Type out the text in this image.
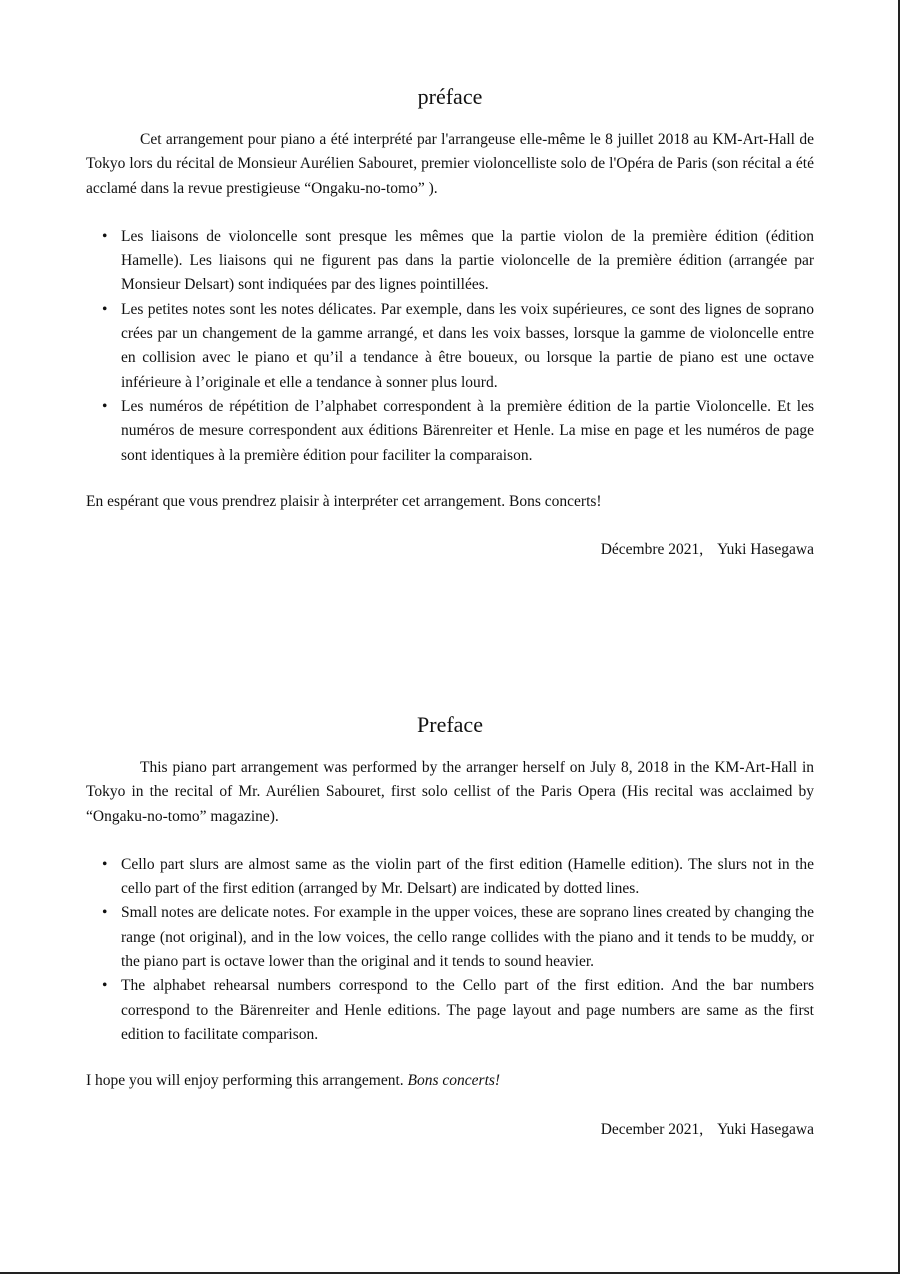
préface

Cet arrangement pour piano a été interprété par l'arrangeuse elle-même le 8 juillet 2018 au KM-Art-Hall de Tokyo lors du récital de Monsieur Aurélien Sabouret, premier violoncelliste solo de l'Opéra de Paris (son récital a été acclamé dans la revue prestigieuse “Ongaku-no-tomo” ).

• Les liaisons de violoncelle sont presque les mêmes que la partie violon de la première édition (édition Hamelle). Les liaisons qui ne figurent pas dans la partie violoncelle de la première édition (arrangée par Monsieur Delsart) sont indiquées par des lignes pointillées.
• Les petites notes sont les notes délicates. Par exemple, dans les voix supérieures, ce sont des lignes de soprano crées par un changement de la gamme arrangé, et dans les voix basses, lorsque la gamme de violoncelle entre en collision avec le piano et qu’il a tendance à être boueux, ou lorsque la partie de piano est une octave inférieure à l’originale et elle a tendance à sonner plus lourd.
• Les numéros de répétition de l’alphabet correspondent à la première édition de la partie Violoncelle. Et les numéros de mesure correspondent aux éditions Bärenreiter et Henle. La mise en page et les numéros de page sont identiques à la première édition pour faciliter la comparaison.

En espérant que vous prendrez plaisir à interpréter cet arrangement. Bons concerts!

Décembre 2021, Yuki Hasegawa

Preface

This piano part arrangement was performed by the arranger herself on July 8, 2018 in the KM-Art-Hall in Tokyo in the recital of Mr. Aurélien Sabouret, first solo cellist of the Paris Opera (His recital was acclaimed by “Ongaku-no-tomo” magazine).

• Cello part slurs are almost same as the violin part of the first edition (Hamelle edition). The slurs not in the cello part of the first edition (arranged by Mr. Delsart) are indicated by dotted lines.
• Small notes are delicate notes. For example in the upper voices, these are soprano lines created by changing the range (not original), and in the low voices, the cello range collides with the piano and it tends to be muddy, or the piano part is octave lower than the original and it tends to sound heavier.
• The alphabet rehearsal numbers correspond to the Cello part of the first edition. And the bar numbers correspond to the Bärenreiter and Henle editions. The page layout and page numbers are same as the first edition to facilitate comparison.

I hope you will enjoy performing this arrangement. Bons concerts!

December 2021, Yuki Hasegawa
